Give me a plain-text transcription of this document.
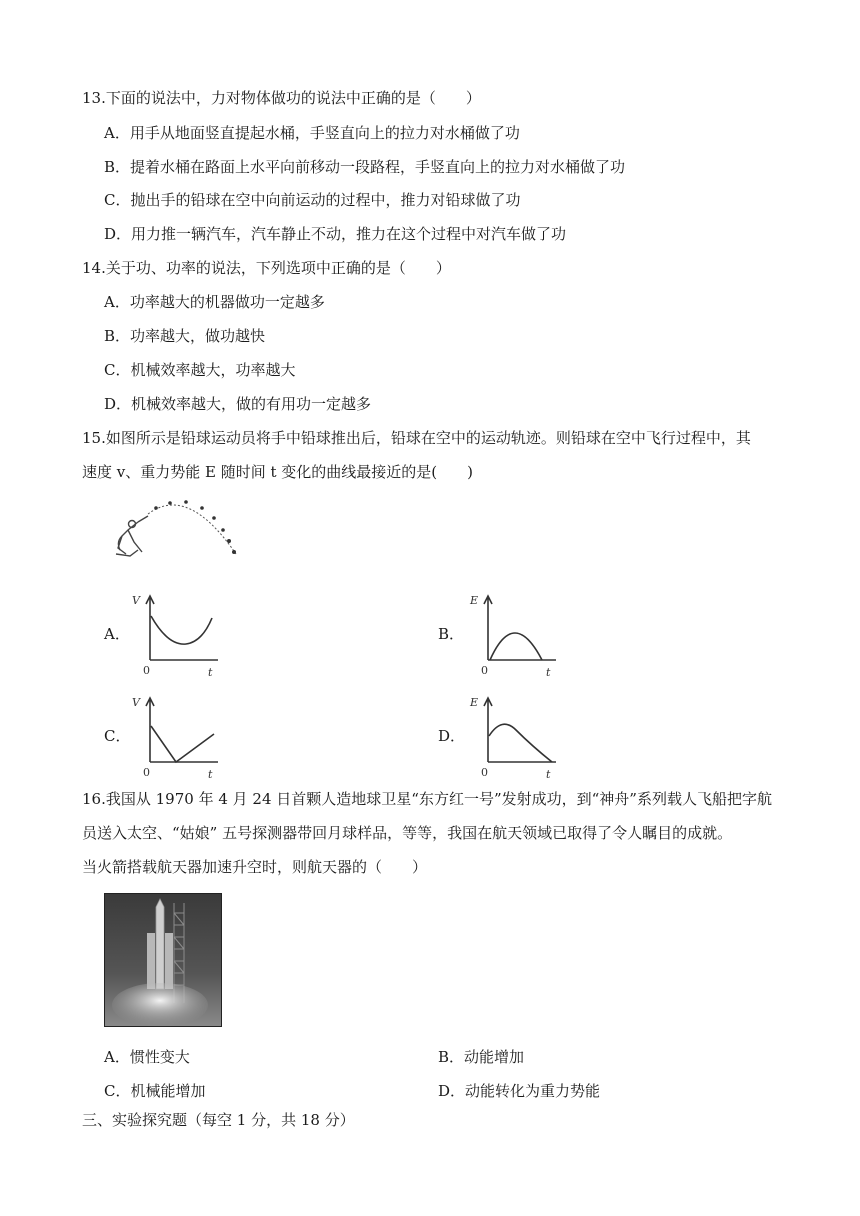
13.下面的说法中，力对物体做功的说法中正确的是（　　）
A．用手从地面竖直提起水桶，手竖直向上的拉力对水桶做了功
B．提着水桶在路面上水平向前移动一段路程，手竖直向上的拉力对水桶做了功
C．抛出手的铅球在空中向前运动的过程中，推力对铅球做了功
D．用力推一辆汽车，汽车静止不动，推力在这个过程中对汽车做了功
14.关于功、功率的说法，下列选项中正确的是（　　）
A．功率越大的机器做功一定越多
B．功率越大，做功越快
C．机械效率越大，功率越大
D．机械效率越大，做的有用功一定越多
15.如图所示是铅球运动员将手中铅球推出后，铅球在空中的运动轨迹。则铅球在空中飞行过程中，其
速度 v、重力势能 E 随时间 t 变化的曲线最接近的是(　　)
A．
V
t
0
B．
E
t
0
C．
V
t
0
D．
E
t
0
16.我国从 1970 年 4 月 24 日首颗人造地球卫星“东方红一号”发射成功，到“神舟”系列载人飞船把字航
员送入太空、“姑娘” 五号探测器带回月球样品，等等，我国在航天领域已取得了令人瞩目的成就。
当火箭搭载航天器加速升空时，则航天器的（　　）
A．惯性变大	B．动能增加
C．机械能增加	D．动能转化为重力势能
三、实验探究题（每空 1 分，共 18 分）
